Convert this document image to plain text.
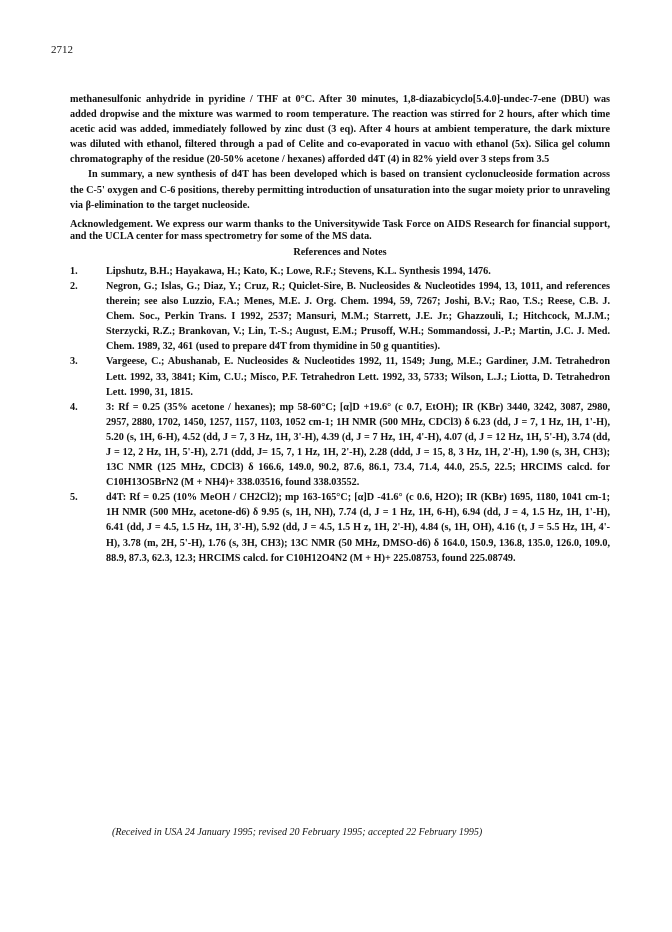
2712

methanesulfonic anhydride in pyridine / THF at 0°C. After 30 minutes, 1,8-diazabicyclo[5.4.0]-undec-7-ene (DBU) was added dropwise and the mixture was warmed to room temperature. The reaction was stirred for 2 hours, after which time acetic acid was added, immediately followed by zinc dust (3 eq). After 4 hours at ambient temperature, the dark mixture was diluted with ethanol, filtered through a pad of Celite and co-evaporated in vacuo with ethanol (5x). Silica gel column chromatography of the residue (20-50% acetone / hexanes) afforded d4T (4) in 82% yield over 3 steps from 3.5

In summary, a new synthesis of d4T has been developed which is based on transient cyclonucleoside formation across the C-5' oxygen and C-6 positions, thereby permitting introduction of unsaturation into the sugar moiety prior to unraveling via β-elimination to the target nucleoside.

Acknowledgement. We express our warm thanks to the Universitywide Task Force on AIDS Research for financial support, and the UCLA center for mass spectrometry for some of the MS data.

References and Notes
1.	Lipshutz, B.H.; Hayakawa, H.; Kato, K.; Lowe, R.F.; Stevens, K.L. Synthesis 1994, 1476.
2.	Negron, G.; Islas, G.; Diaz, Y.; Cruz, R.; Quiclet-Sire, B. Nucleosides & Nucleotides 1994, 13, 1011, and references therein; see also Luzzio, F.A.; Menes, M.E. J. Org. Chem. 1994, 59, 7267; Joshi, B.V.; Rao, T.S.; Reese, C.B. J. Chem. Soc., Perkin Trans. I 1992, 2537; Mansuri, M.M.; Starrett, J.E. Jr.; Ghazzouli, I.; Hitchcock, M.J.M.; Sterzycki, R.Z.; Brankovan, V.; Lin, T.-S.; August, E.M.; Prusoff, W.H.; Sommandossi, J.-P.; Martin, J.C. J. Med. Chem. 1989, 32, 461 (used to prepare d4T from thymidine in 50 g quantities).
3.	Vargeese, C.; Abushanab, E. Nucleosides & Nucleotides 1992, 11, 1549; Jung, M.E.; Gardiner, J.M. Tetrahedron Lett. 1992, 33, 3841; Kim, C.U.; Misco, P.F. Tetrahedron Lett. 1992, 33, 5733; Wilson, L.J.; Liotta, D. Tetrahedron Lett. 1990, 31, 1815.
4.	3: Rf = 0.25 (35% acetone / hexanes); mp 58-60°C; [α]D +19.6° (c 0.7, EtOH); IR (KBr) 3440, 3242, 3087, 2980, 2957, 2880, 1702, 1450, 1257, 1157, 1103, 1052 cm-1; 1H NMR (500 MHz, CDCl3) δ 6.23 (dd, J = 7, 1 Hz, 1H, 1'-H), 5.20 (s, 1H, 6-H), 4.52 (dd, J = 7, 3 Hz, 1H, 3'-H), 4.39 (d, J = 7 Hz, 1H, 4'-H), 4.07 (d, J = 12 Hz, 1H, 5'-H), 3.74 (dd, J = 12, 2 Hz, 1H, 5'-H), 2.71 (ddd, J= 15, 7, 1 Hz, 1H, 2'-H), 2.28 (ddd, J = 15, 8, 3 Hz, 1H, 2'-H), 1.90 (s, 3H, CH3); 13C NMR (125 MHz, CDCl3) δ 166.6, 149.0, 90.2, 87.6, 86.1, 73.4, 71.4, 44.0, 25.5, 22.5; HRCIMS calcd. for C10H13O5BrN2 (M + NH4)+ 338.03516, found 338.03552.
5.	d4T: Rf = 0.25 (10% MeOH / CH2Cl2); mp 163-165°C; [α]D -41.6° (c 0.6, H2O); IR (KBr) 1695, 1180, 1041 cm-1; 1H NMR (500 MHz, acetone-d6) δ 9.95 (s, 1H, NH), 7.74 (d, J = 1 Hz, 1H, 6-H), 6.94 (dd, J = 4, 1.5 Hz, 1H, 1'-H), 6.41 (dd, J = 4.5, 1.5 Hz, 1H, 3'-H), 5.92 (dd, J = 4.5, 1.5 H z, 1H, 2'-H), 4.84 (s, 1H, OH), 4.16 (t, J = 5.5 Hz, 1H, 4'-H), 3.78 (m, 2H, 5'-H), 1.76 (s, 3H, CH3); 13C NMR (50 MHz, DMSO-d6) δ 164.0, 150.9, 136.8, 135.0, 126.0, 109.0, 88.9, 87.3, 62.3, 12.3; HRCIMS calcd. for C10H12O4N2 (M + H)+ 225.08753, found 225.08749.
(Received in USA 24 January 1995; revised 20 February 1995; accepted 22 February 1995)
